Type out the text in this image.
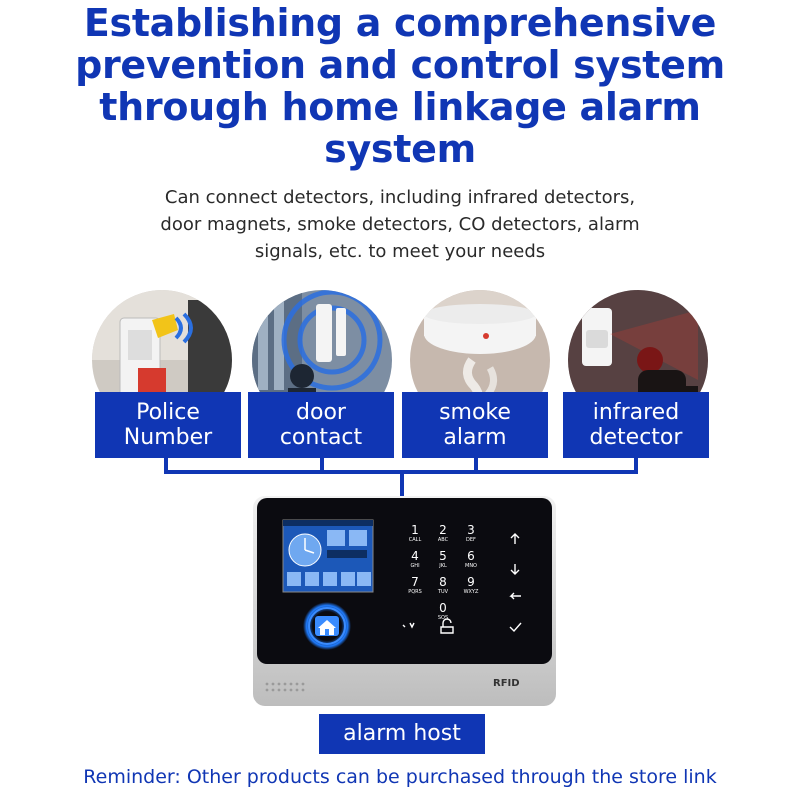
Establishing a comprehensive
prevention and control system
through home linkage alarm
system
Can connect detectors, including infrared detectors,
door magnets, smoke detectors, CO detectors, alarm
signals, etc. to meet your needs
Police
Number
door
contact
smoke
alarm
infrared
detector
1
CALL
2
ABC
3
DEF
4
GHI
5
JKL
6
MNO
7
PQRS
8
TUV
9
WXYZ
0
SOS
RFID
alarm host
Reminder: Other products can be purchased through the store link
